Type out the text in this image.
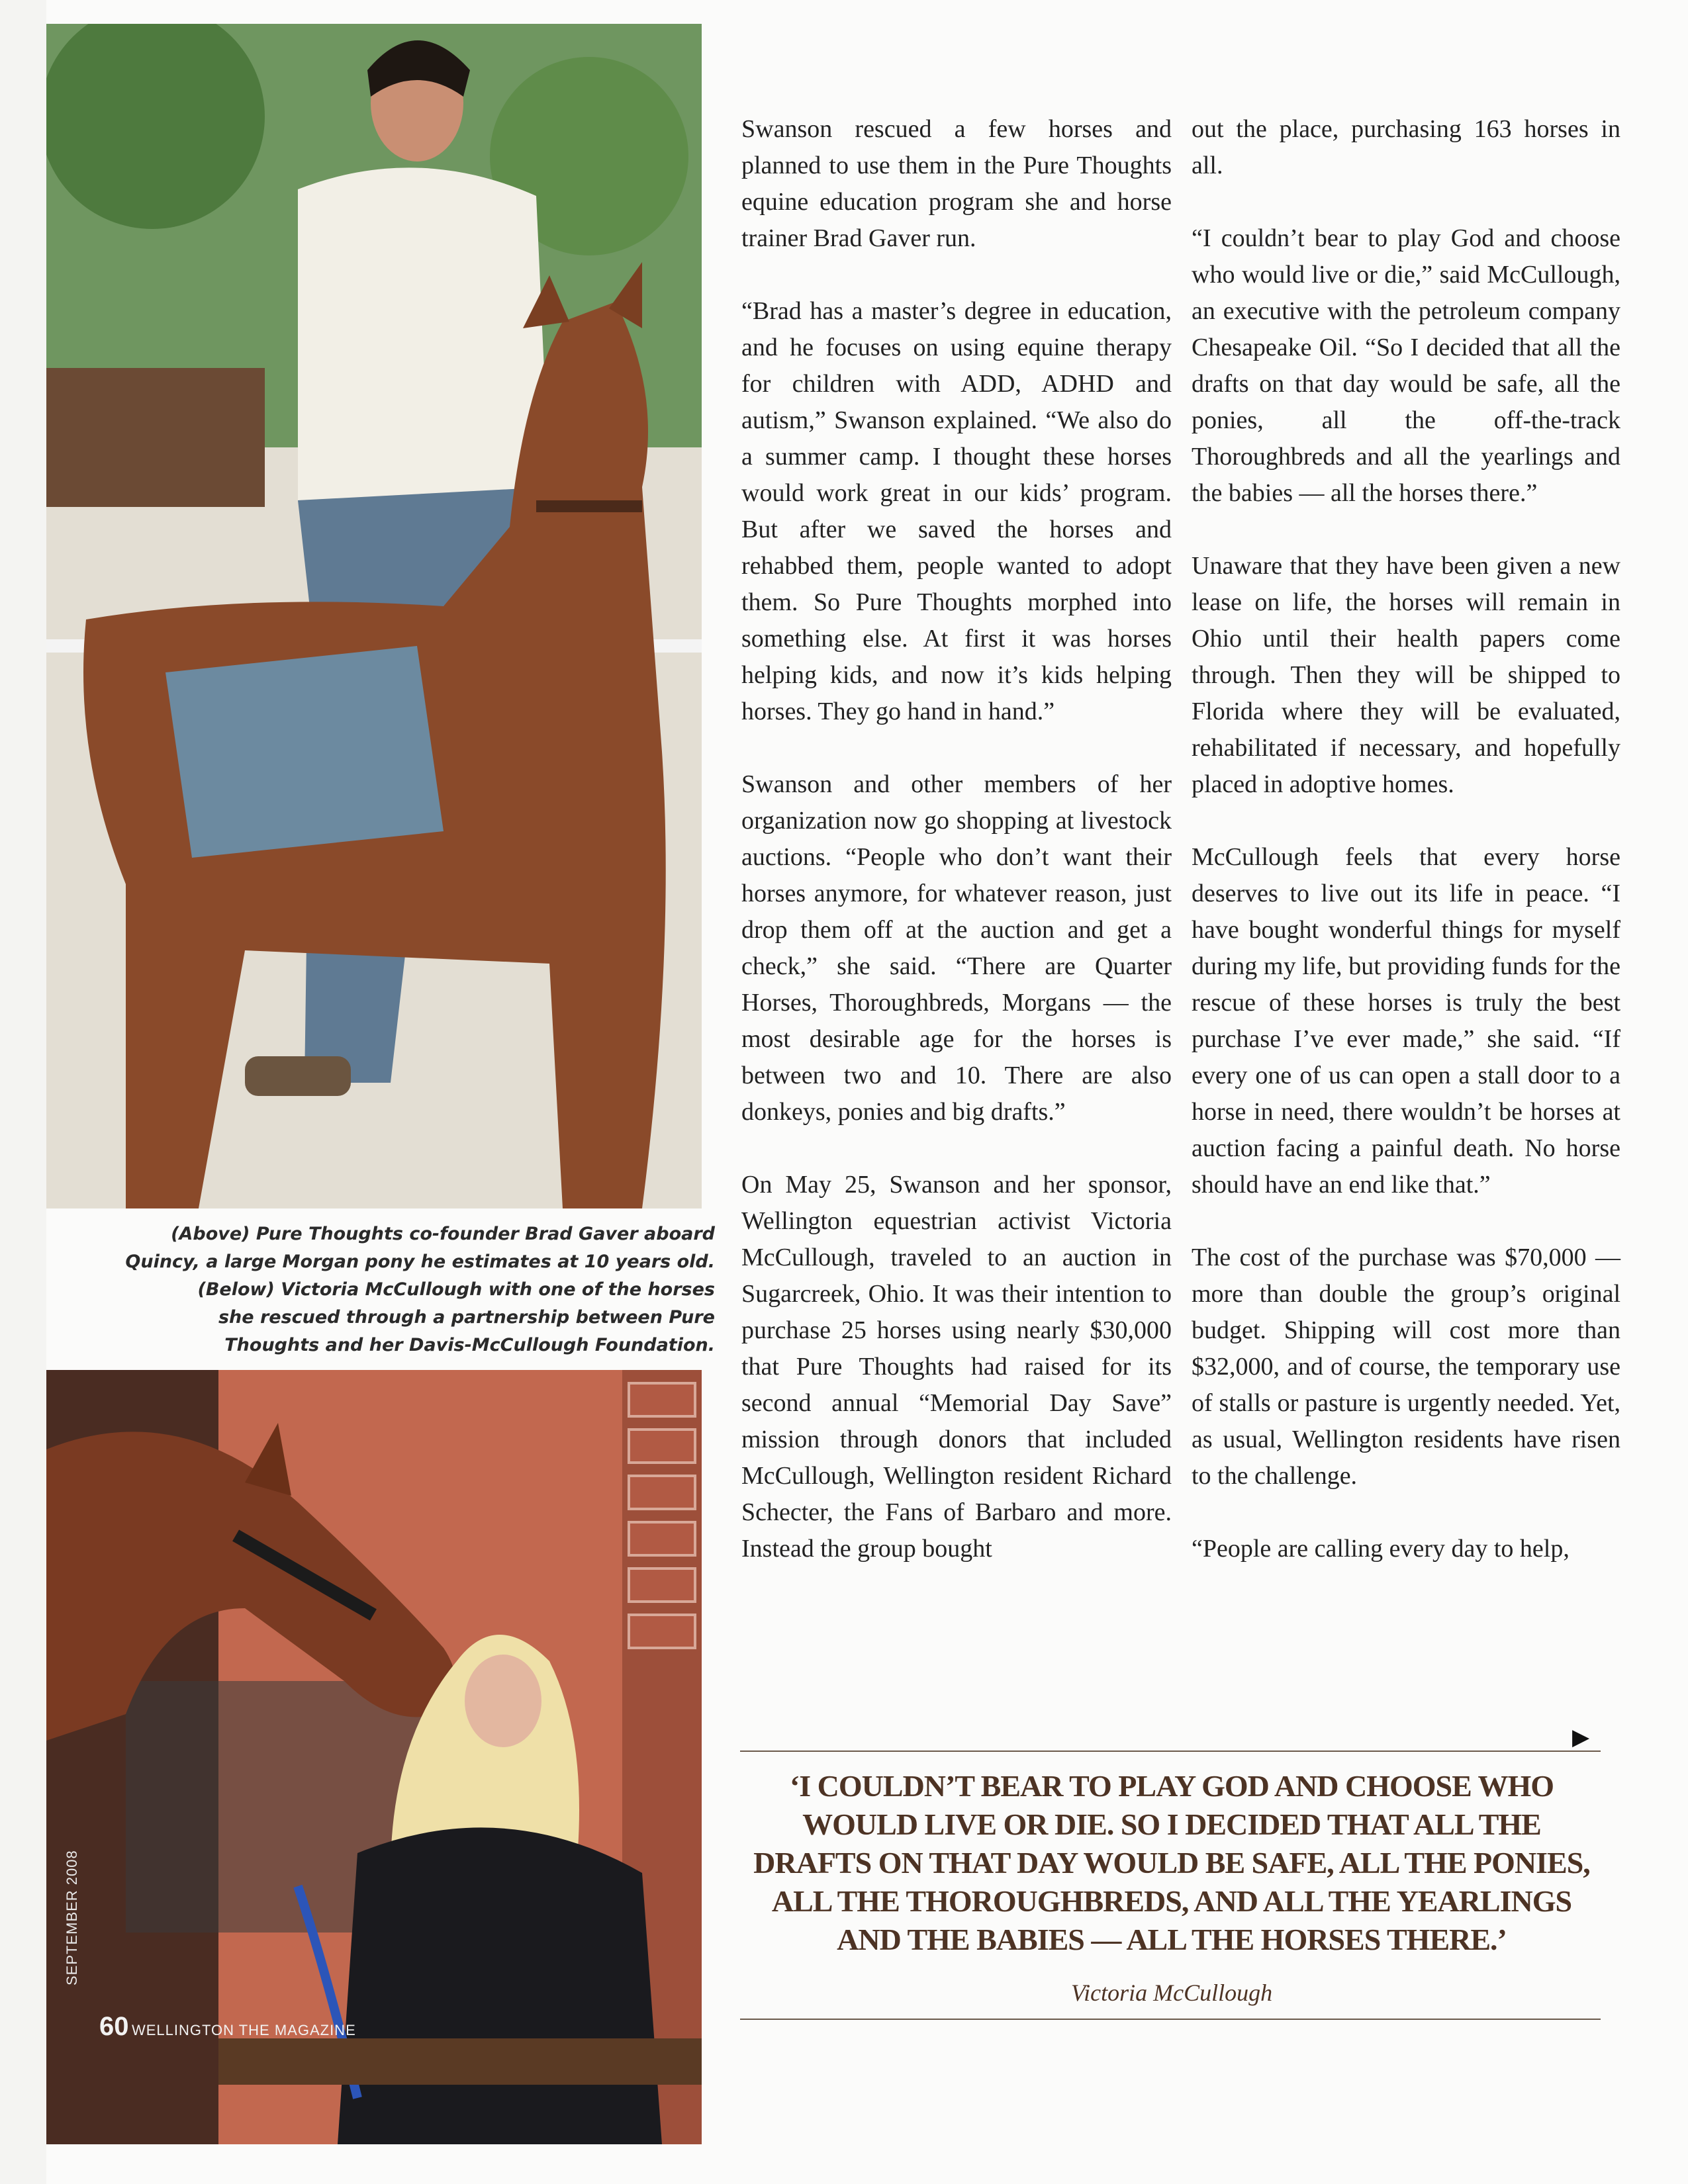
(Above) Pure Thoughts co-founder Brad Gaver aboard

Quincy, a large Morgan pony he estimates at 10 years old.

(Below) Victoria McCullough with one of the horses

she rescued through a partnership between Pure

Thoughts and her Davis-McCullough Foundation.

SEPTEMBER 2008
60 WELLINGTON THE MAGAZINE

Swanson rescued a few horses and planned to use them in the Pure Thoughts equine education program she and horse trainer Brad Gaver run.

“Brad has a master’s degree in education, and he focuses on using equine therapy for children with ADD, ADHD and autism,” Swanson explained. “We also do a summer camp. I thought these horses would work great in our kids’ program. But after we saved the horses and rehabbed them, people wanted to adopt them. So Pure Thoughts morphed into something else. At first it was horses helping kids, and now it’s kids helping horses. They go hand in hand.”

Swanson and other members of her organization now go shopping at livestock auctions. “People who don’t want their horses anymore, for whatever reason, just drop them off at the auction and get a check,” she said. “There are Quarter Horses, Thoroughbreds, Morgans — the most desirable age for the horses is between two and 10. There are also donkeys, ponies and big drafts.”

On May 25, Swanson and her sponsor, Wellington equestrian activist Victoria McCullough, traveled to an auction in Sugarcreek, Ohio. It was their intention to purchase 25 horses using nearly $30,000 that Pure Thoughts had raised for its second annual “Memorial Day Save” mission through donors that included McCullough, Wellington resident Richard Schecter, the Fans of Barbaro and more. Instead the group bought

out the place, purchasing 163 horses in all.

“I couldn’t bear to play God and choose who would live or die,” said McCullough, an executive with the petroleum company Chesapeake Oil. “So I decided that all the drafts on that day would be safe, all the ponies, all the off-the-track Thoroughbreds and all the yearlings and the babies — all the horses there.”

Unaware that they have been given a new lease on life, the horses will remain in Ohio until their health papers come through. Then they will be shipped to Florida where they will be evaluated, rehabilitated if necessary, and hopefully placed in adoptive homes.

McCullough feels that every horse deserves to live out its life in peace. “I have bought wonderful things for myself during my life, but providing funds for the rescue of these horses is truly the best purchase I’ve ever made,” she said. “If every one of us can open a stall door to a horse in need, there wouldn’t be horses at auction facing a painful death. No horse should have an end like that.”

The cost of the purchase was $70,000 — more than double the group’s original budget. Shipping will cost more than $32,000, and of course, the temporary use of stalls or pasture is urgently needed. Yet, as usual, Wellington residents have risen to the challenge.

“People are calling every day to help,

▶
‘I COULDN’T BEAR TO PLAY GOD AND CHOOSE WHO
WOULD LIVE OR DIE. SO I DECIDED THAT ALL THE
DRAFTS ON THAT DAY WOULD BE SAFE, ALL THE PONIES,
ALL THE THOROUGHBREDS, AND ALL THE YEARLINGS
AND THE BABIES — ALL THE HORSES THERE.’
Victoria McCullough
